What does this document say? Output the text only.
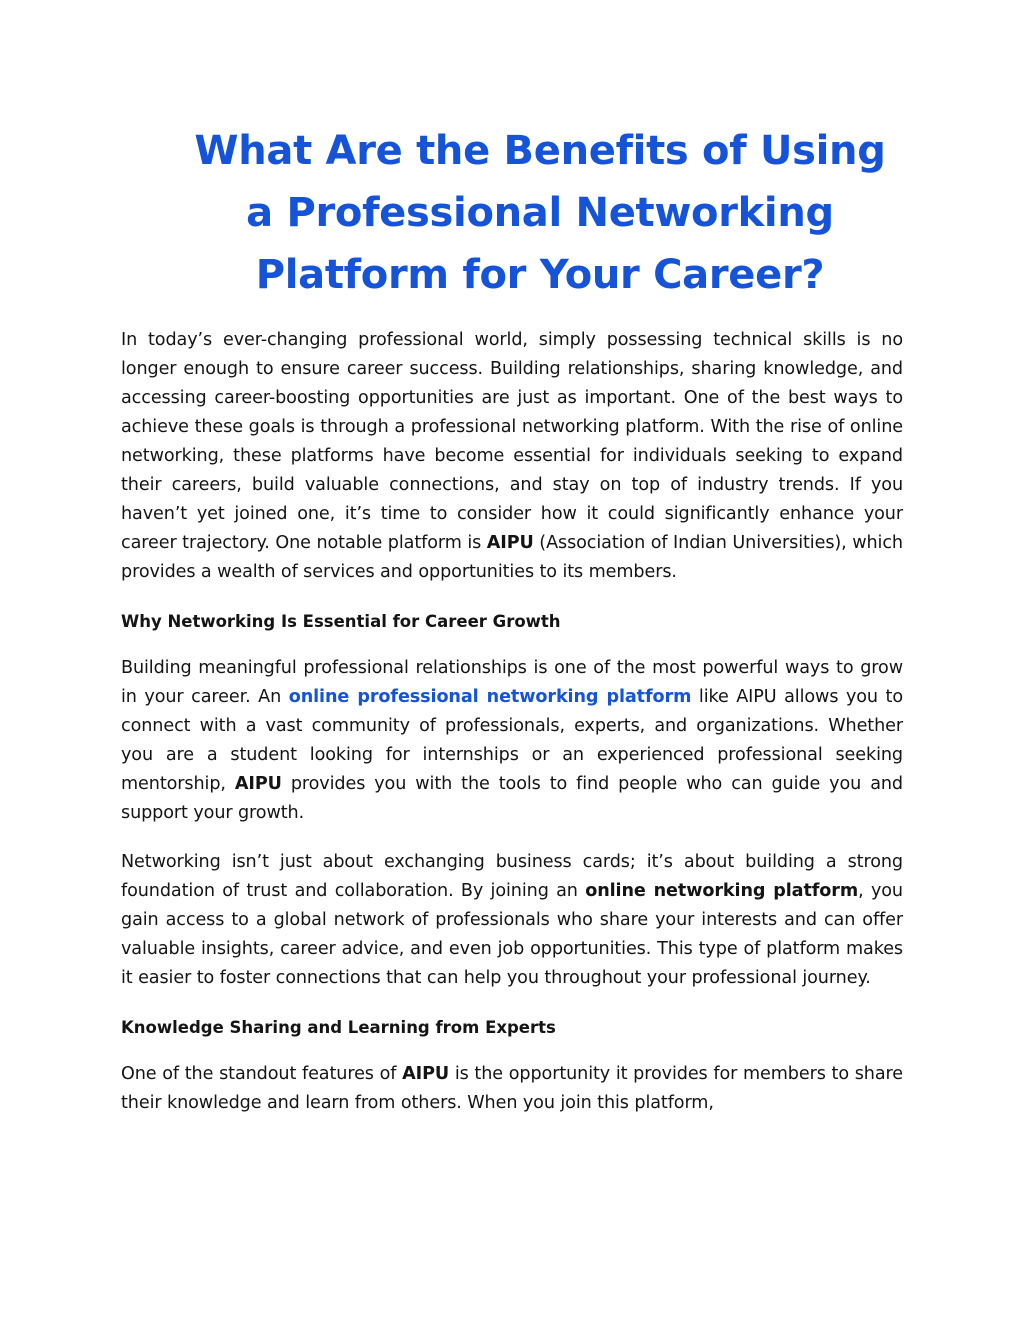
What Are the Benefits of Using
a Professional Networking
Platform for Your Career?

In today’s ever-changing professional world, simply possessing technical skills is no longer enough to ensure career success. Building relationships, sharing knowledge, and accessing career-boosting opportunities are just as important. One of the best ways to achieve these goals is through a professional networking platform. With the rise of online networking, these platforms have become essential for individuals seeking to expand their careers, build valuable connections, and stay on top of industry trends. If you haven’t yet joined one, it’s time to consider how it could significantly enhance your career trajectory. One notable platform is AIPU (Association of Indian Universities), which provides a wealth of services and opportunities to its members.

Why Networking Is Essential for Career Growth

Building meaningful professional relationships is one of the most powerful ways to grow in your career. An online professional networking platform like AIPU allows you to connect with a vast community of professionals, experts, and organizations. Whether you are a student looking for internships or an experienced professional seeking mentorship, AIPU provides you with the tools to find people who can guide you and support your growth.

Networking isn’t just about exchanging business cards; it’s about building a strong foundation of trust and collaboration. By joining an online networking platform, you gain access to a global network of professionals who share your interests and can offer valuable insights, career advice, and even job opportunities. This type of platform makes it easier to foster connections that can help you throughout your professional journey.

Knowledge Sharing and Learning from Experts

One of the standout features of AIPU is the opportunity it provides for members to share their knowledge and learn from others. When you join this platform,
